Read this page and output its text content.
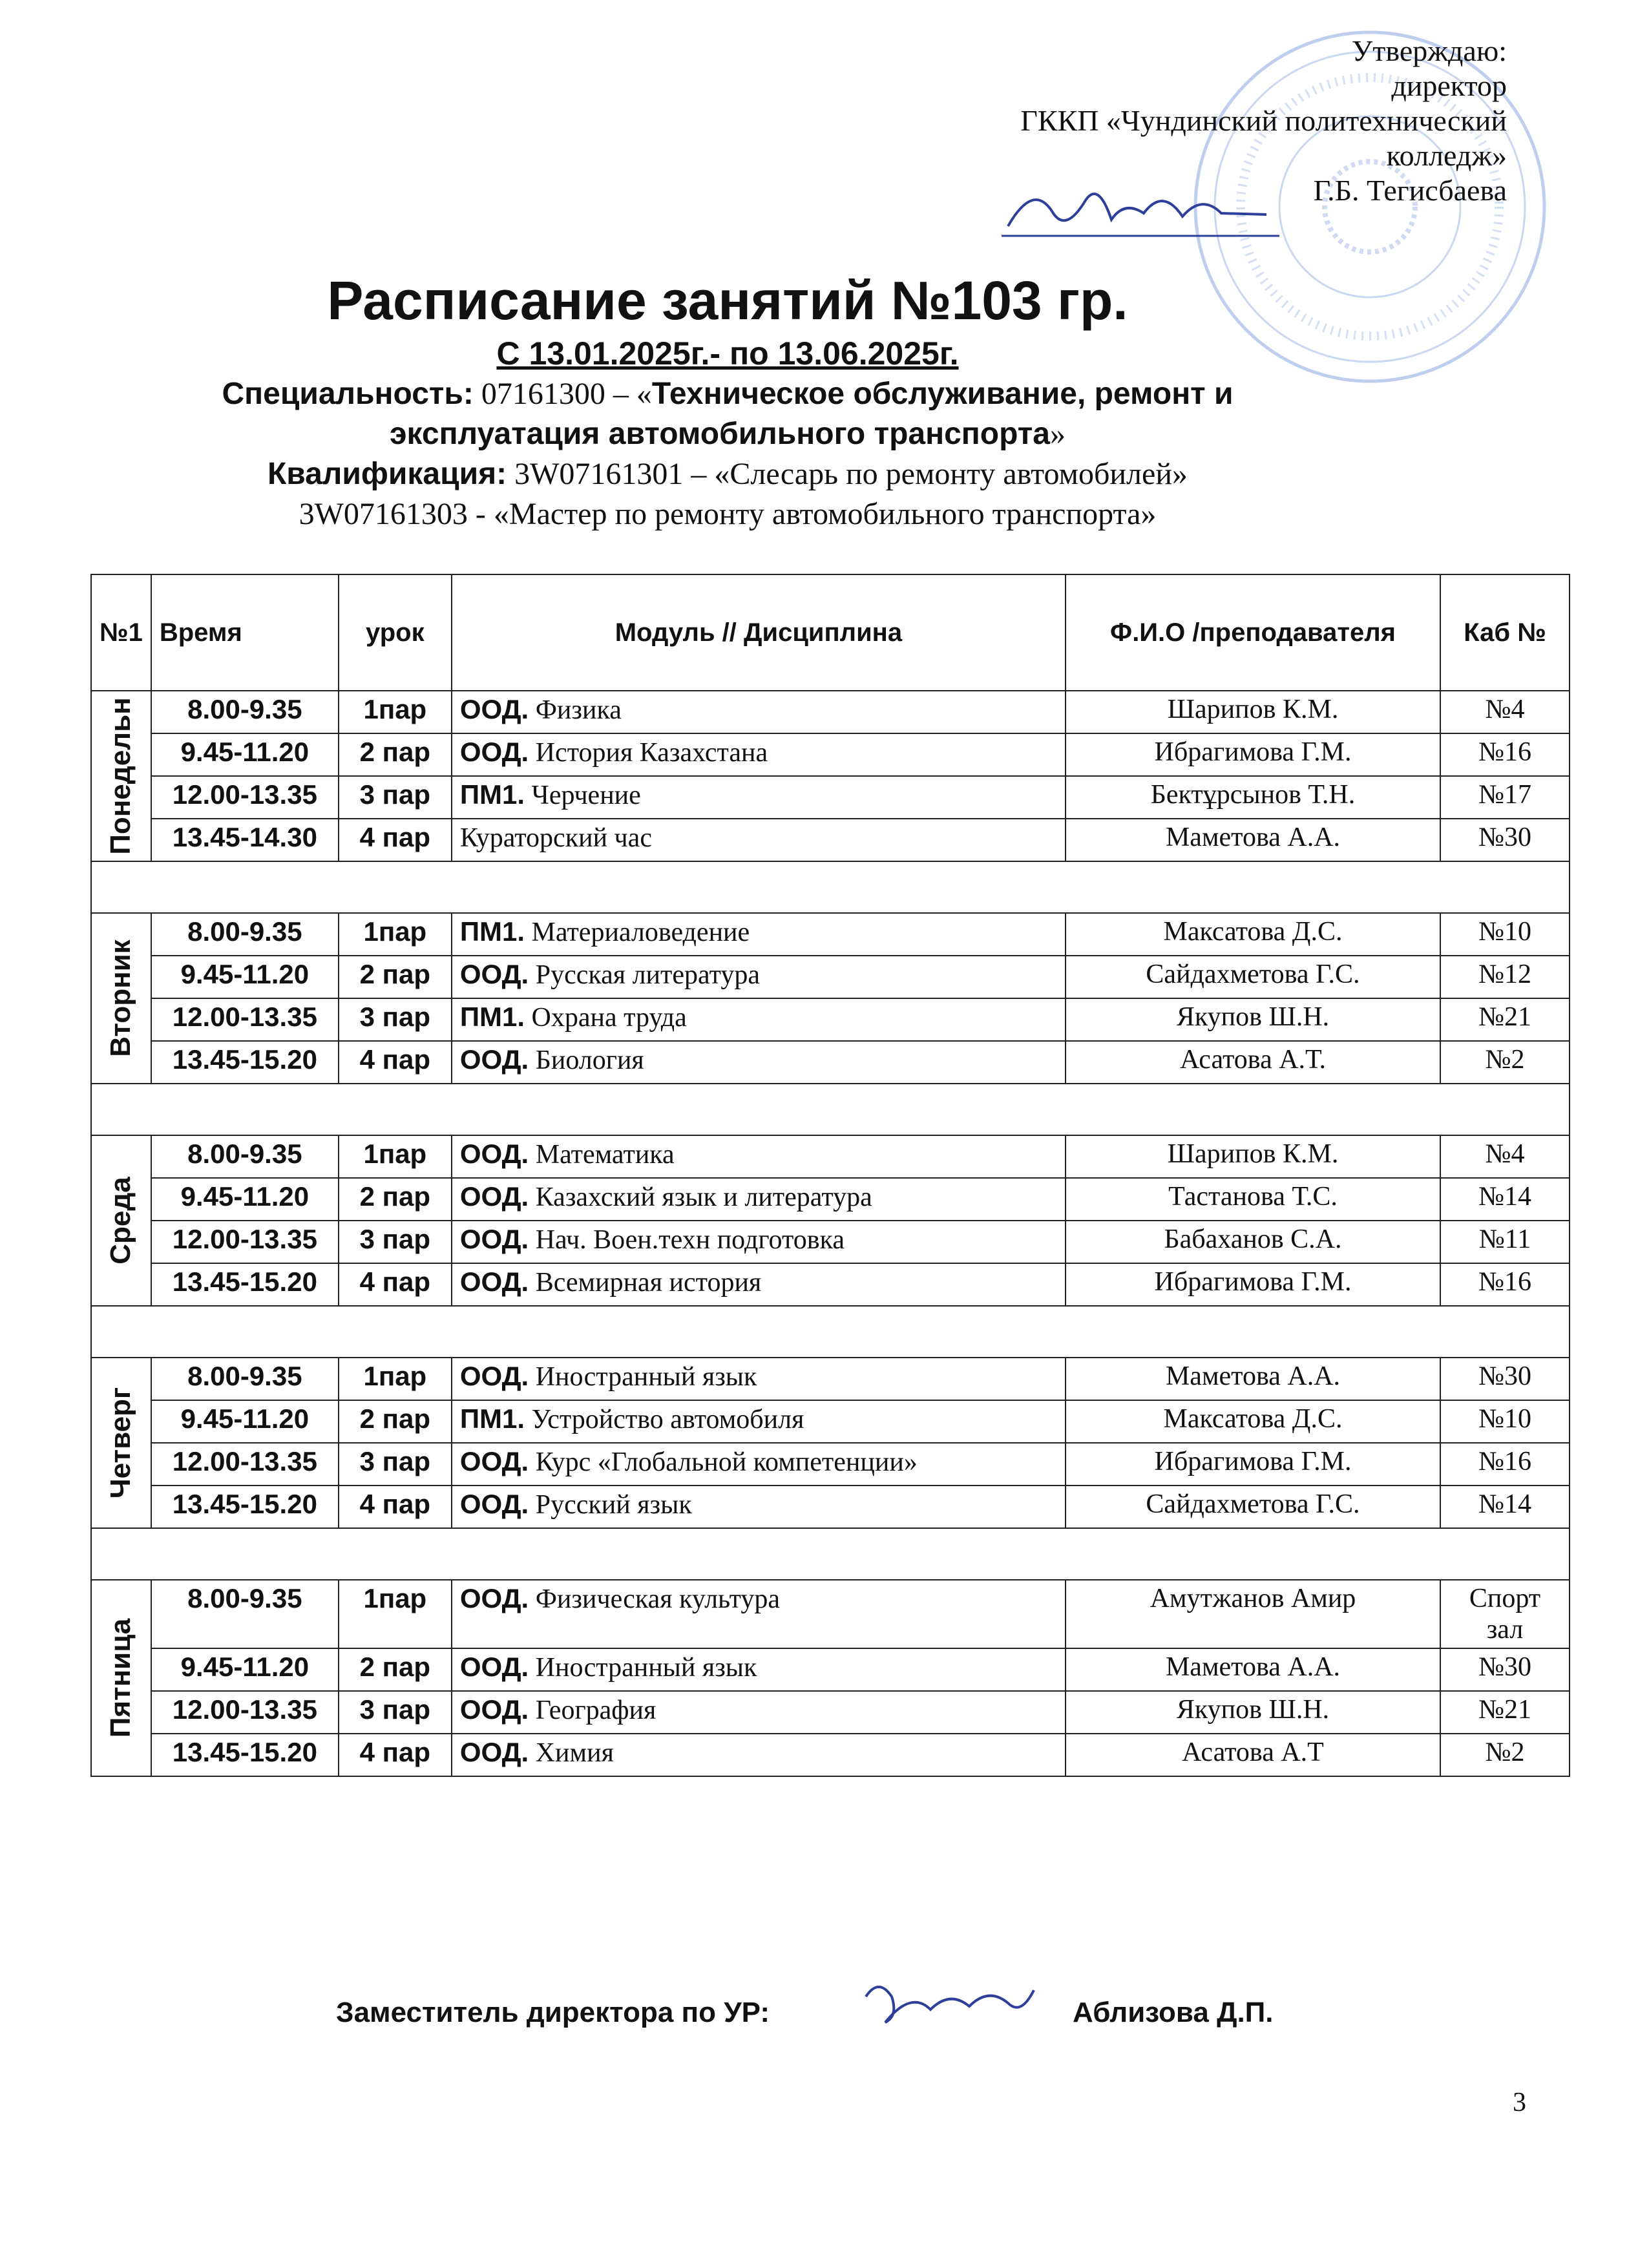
Утверждаю:
директор
ГККП «Чундинский политехнический
колледж»
Г.Б. Тегисбаева
Расписание занятий №103 гр.
С 13.01.2025г.- по 13.06.2025г.
Специальность: 07161300 – «Техническое обслуживание, ремонт и
эксплуатация автомобильного транспорта»
Квалификация: 3W07161301 – «Слесарь по ремонту автомобилей»
3W07161303 - «Мастер по ремонту автомобильного транспорта»
№1	Время	урок	Модуль // Дисциплина	Ф.И.О /преподавателя	Каб №

Понедельн	8.00-9.35	1пар	ООД. Физика	Шарипов К.М.	№4
	9.45-11.20	2 пар	ООД. История Казахстана	Ибрагимова Г.М.	№16
	12.00-13.35	3 пар	ПМ1. Черчение	Бектұрсынов Т.Н.	№17
	13.45-14.30	4 пар	Кураторский час	Маметова А.А.	№30

Вторник	8.00-9.35	1пар	ПМ1. Материаловедение	Максатова Д.С.	№10
	9.45-11.20	2 пар	ООД. Русская литература	Сайдахметова Г.С.	№12
	12.00-13.35	3 пар	ПМ1. Охрана труда	Якупов Ш.Н.	№21
	13.45-15.20	4 пар	ООД. Биология	Асатова А.Т.	№2

Среда	8.00-9.35	1пар	ООД. Математика	Шарипов К.М.	№4
	9.45-11.20	2 пар	ООД. Казахский язык и литература	Тастанова Т.С.	№14
	12.00-13.35	3 пар	ООД. Нач. Воен.техн подготовка	Бабаханов С.А.	№11
	13.45-15.20	4 пар	ООД. Всемирная история	Ибрагимова Г.М.	№16

Четверг	8.00-9.35	1пар	ООД. Иностранный язык	Маметова А.А.	№30
	9.45-11.20	2 пар	ПМ1. Устройство автомобиля	Максатова Д.С.	№10
	12.00-13.35	3 пар	ООД. Курс «Глобальной компетенции»	Ибрагимова Г.М.	№16
	13.45-15.20	4 пар	ООД. Русский язык	Сайдахметова Г.С.	№14

Пятница	8.00-9.35	1пар	ООД. Физическая культура	Амутжанов Амир	Спорт зал
	9.45-11.20	2 пар	ООД. Иностранный язык	Маметова А.А.	№30
	12.00-13.35	3 пар	ООД. География	Якупов Ш.Н.	№21
	13.45-15.20	4 пар	ООД. Химия	Асатова А.Т	№2
Заместитель директора по УР:	Аблизова Д.П.
3
